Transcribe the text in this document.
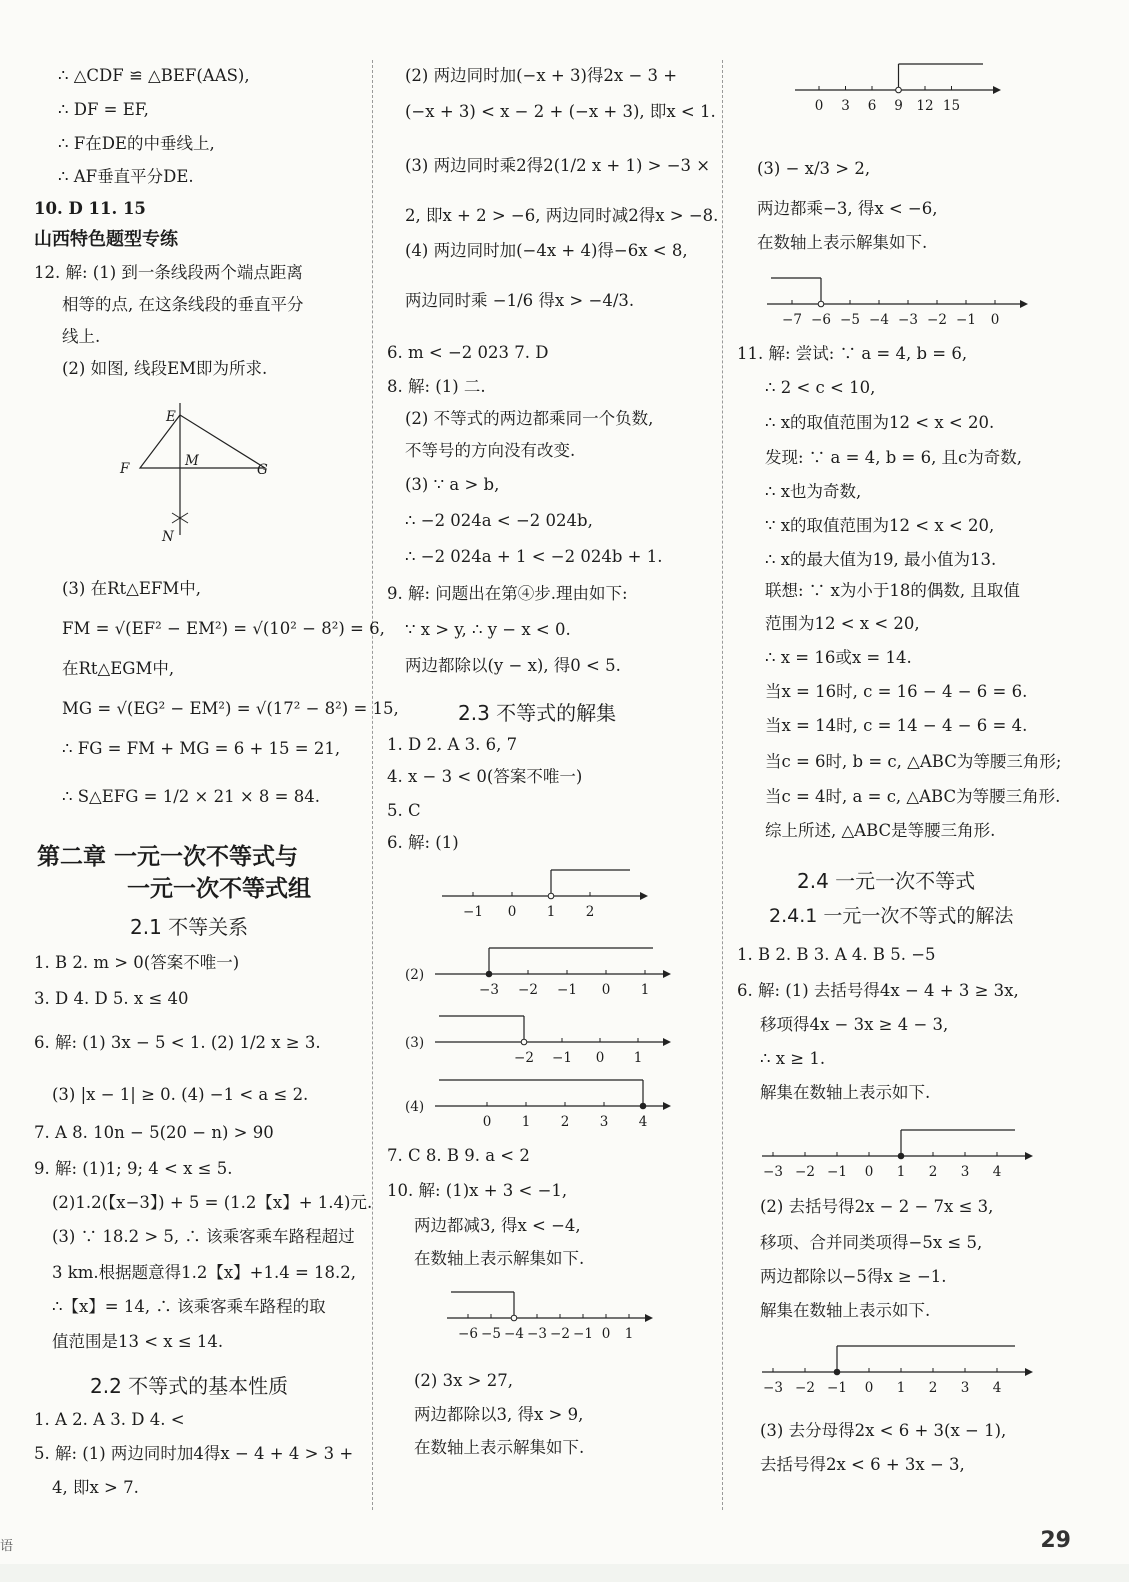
∴ △CDF ≌ △BEF(AAS),
∴ DF = EF,
∴ F在DE的中垂线上,
∴ AF垂直平分DE.
10. D 11. 15
12. 解: (1) 到一条线段两个端点距离
相等的点, 在这条线段的垂直平分
线上.
(2) 如图, 线段EM即为所求.
(3) 在Rt△EFM中,
FM = √(EF² − EM²) = √(10² − 8²) = 6,
在Rt△EGM中,
MG = √(EG² − EM²) = √(17² − 8²) = 15,
∴ FG = FM + MG = 6 + 15 = 21,
∴ S△EFG = 1/2 × 21 × 8 = 84.
1. B 2. m > 0(答案不唯一)
3. D 4. D 5. x ≤ 40
6. 解: (1) 3x − 5 < 1. (2) 1/2 x ≥ 3.
(3) |x − 1| ≥ 0. (4) −1 < a ≤ 2.
7. A 8. 10n − 5(20 − n) > 90
9. 解: (1)1; 9; 4 < x ≤ 5.
(2)1.2(【x−3】) + 5 = (1.2【x】+ 1.4)元.
(3) ∵ 18.2 > 5, ∴ 该乘客乘车路程超过
3 km.根据题意得1.2【x】+1.4 = 18.2,
∴【x】= 14, ∴ 该乘客乘车路程的取
值范围是13 < x ≤ 14.
1. A 2. A 3. D 4. <
5. 解: (1) 两边同时加4得x − 4 + 4 > 3 +
4, 即x > 7.
山西特色题型专练
E
F	M
G
N
第二章 一元一次不等式与
一元一次不等式组
2.1 不等关系
2.2 不等式的基本性质
(2) 两边同时加(−x + 3)得2x − 3 +
(−x + 3) < x − 2 + (−x + 3), 即x < 1.
(3) 两边同时乘2得2(1/2 x + 1) > −3 ×
2, 即x + 2 > −6, 两边同时减2得x > −8.
(4) 两边同时加(−4x + 4)得−6x < 8,
两边同时乘 −1/6 得x > −4/3.
6. m < −2 023 7. D
8. 解: (1) 二.
(2) 不等式的两边都乘同一个负数,
不等号的方向没有改变.
(3) ∵ a > b,
∴ −2 024a < −2 024b,
∴ −2 024a + 1 < −2 024b + 1.
9. 解: 问题出在第④步.理由如下:
∵ x > y, ∴ y − x < 0.
两边都除以(y − x), 得0 < 5.
1. D 2. A 3. 6, 7
4. x − 3 < 0(答案不唯一)
5. C
6. 解: (1)
7. C 8. B 9. a < 2
10. 解: (1)x + 3 < −1,
两边都减3, 得x < −4,
在数轴上表示解集如下.
(2) 3x > 27,
两边都除以3, 得x > 9,
在数轴上表示解集如下.
2.3 不等式的解集
(3) − x/3 > 2,
两边都乘−3, 得x < −6,
在数轴上表示解集如下.
11. 解: 尝试: ∵ a = 4, b = 6,
∴ 2 < c < 10,
∴ x的取值范围为12 < x < 20.
发现: ∵ a = 4, b = 6, 且c为奇数,
∴ x也为奇数,
∵ x的取值范围为12 < x < 20,
∴ x的最大值为19, 最小值为13.
联想: ∵ x为小于18的偶数, 且取值
范围为12 < x < 20,
∴ x = 16或x = 14.
当x = 16时, c = 16 − 4 − 6 = 6.
当x = 14时, c = 14 − 4 − 6 = 4.
当c = 6时, b = c, △ABC为等腰三角形;
当c = 4时, a = c, △ABC为等腰三角形.
综上所述, △ABC是等腰三角形.
1. B 2. B 3. A 4. B 5. −5
6. 解: (1) 去括号得4x − 4 + 3 ≥ 3x,
移项得4x − 3x ≥ 4 − 3,
∴ x ≥ 1.
解集在数轴上表示如下.
(2) 去括号得2x − 2 − 7x ≤ 3,
移项、合并同类项得−5x ≤ 5,
两边都除以−5得x ≥ −1.
解集在数轴上表示如下.
(3) 去分母得2x < 6 + 3(x − 1),
去括号得2x < 6 + 3x − 3,
2.4 一元一次不等式
2.4.1 一元一次不等式的解法
−1 0 1 2
(2)
−3 −2 −1 0 1
(3)
−2 −1 0 1
(4)
0 1 2 3 4
−6 −5 −4 −3 −2 −1 0 1
0 3 6 9 12 15
−7 −6 −5 −4 −3 −2 −1 0
−3 −2 −1 0 1 2 3 4
−3 −2 −1 0 1 2 3 4
语	29
